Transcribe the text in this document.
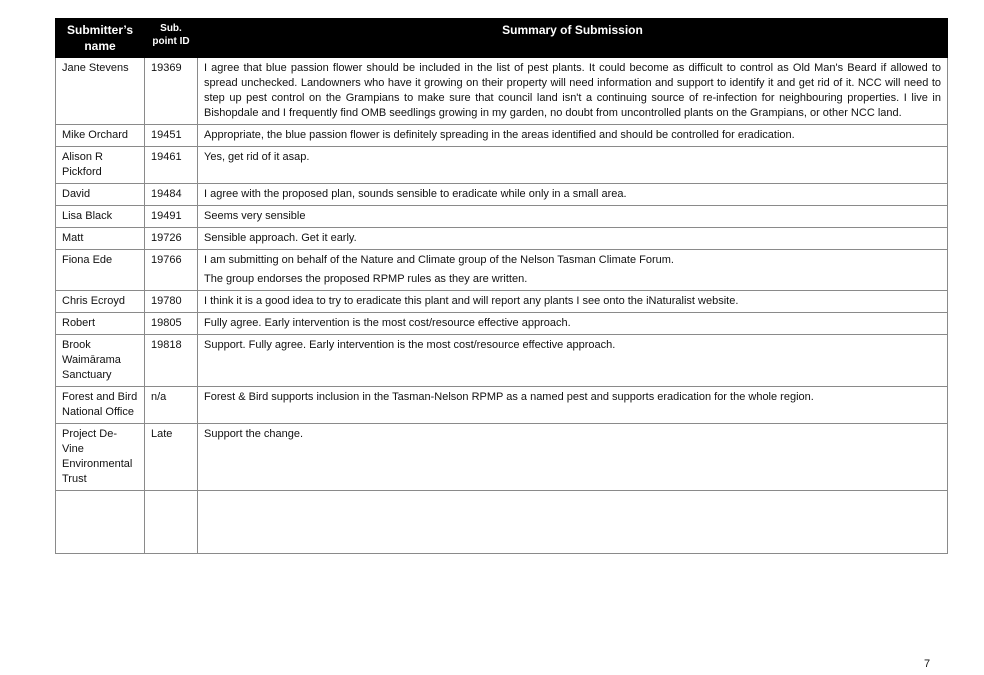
Submitter’s name	Sub. point ID	Summary of Submission
Jane Stevens	19369	I agree that blue passion flower should be included in the list of pest plants. It could become as difficult to control as Old Man's Beard if allowed to spread unchecked. Landowners who have it growing on their property will need information and support to identify it and get rid of it. NCC will need to step up pest control on the Grampians to make sure that council land isn't a continuing source of re-infection for neighbouring properties. I live in Bishopdale and I frequently find OMB seedlings growing in my garden, no doubt from uncontrolled plants on the Grampians, or other NCC land.

Mike Orchard	19451	Appropriate, the blue passion flower is definitely spreading in the areas identified and should be controlled for eradication.

Alison R Pickford	19461	Yes, get rid of it asap.

David	19484	I agree with the proposed plan, sounds sensible to eradicate while only in a small area.

Lisa Black	19491	Seems very sensible

Matt	19726	Sensible approach. Get it early.

Fiona Ede	19766	I am submitting on behalf of the Nature and Climate group of the Nelson Tasman Climate Forum.
The group endorses the proposed RPMP rules as they are written.

Chris Ecroyd	19780	I think it is a good idea to try to eradicate this plant and will report any plants I see onto the iNaturalist website.

Robert	19805	Fully agree. Early intervention is the most cost/resource effective approach.

Brook Waimārama Sanctuary	19818	Support. Fully agree. Early intervention is the most cost/resource effective approach.

Forest and Bird National Office	n/a	Forest & Bird supports inclusion in the Tasman-Nelson RPMP as a named pest and supports eradication for the whole region.

Project De-Vine Environmental Trust	Late	Support the change.

7
